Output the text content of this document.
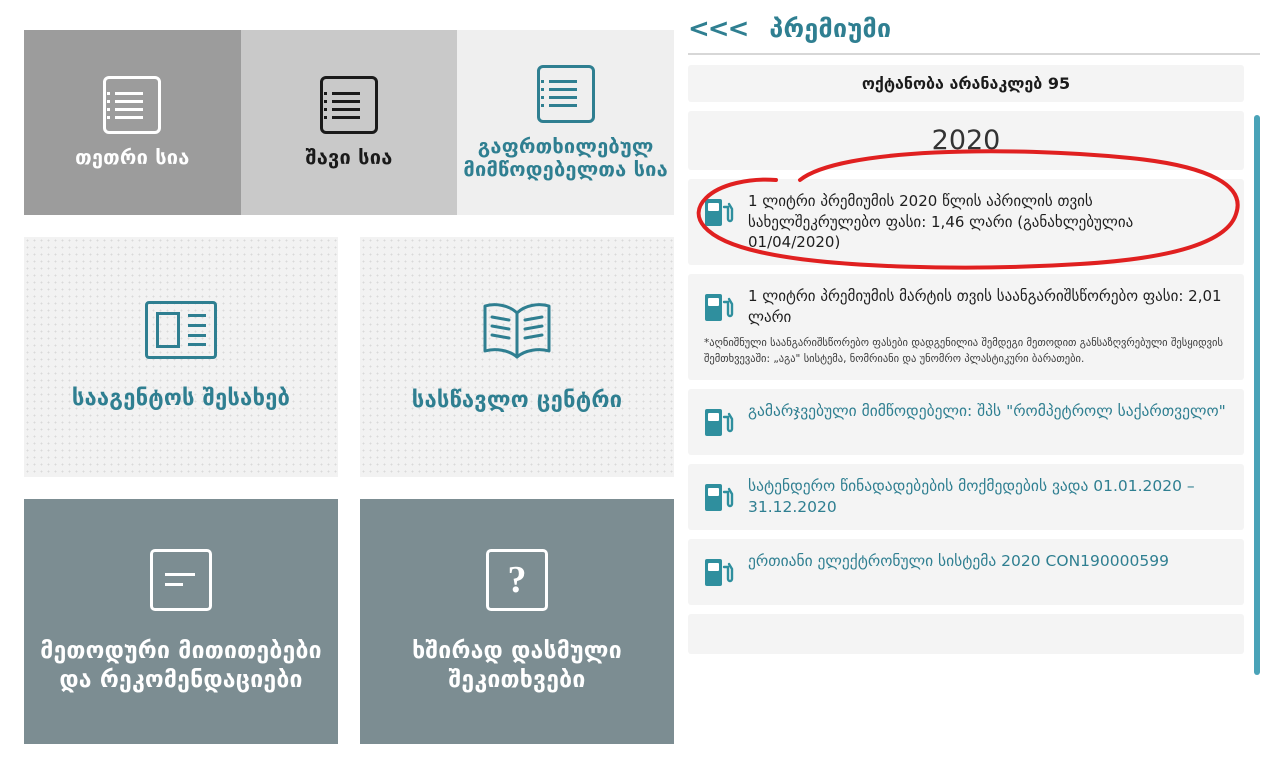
თეთრი სია	შავი სია	გაფრთხილებულ მიმწოდებელთა სია
სააგენტოს შესახებ	სასწავლო ცენტრი
მეთოდური მითითებები და რეკომენდაციები
?
ხშირად დასმული შეკითხვები
<<< პრემიუმი
ოქტანობა არანაკლებ 95
2020
1 ლიტრი პრემიუმის 2020 წლის აპრილის თვის სახელშეკრულებო ფასი: 1,46 ლარი (განახლებულია 01/04/2020)
1 ლიტრი პრემიუმის მარტის თვის საანგარიშსწორებო ფასი: 2,01 ლარი
*აღნიშნული საანგარიშსწორებო ფასები დადგენილია შემდეგი მეთოდით განსაზღვრებული შესყიდვის შემთხვევაში: „აგა" სისტემა, ნომრიანი და უნომრო პლასტიკური ბარათები.
გამარჯვებული მიმწოდებელი: შპს "რომპეტროლ საქართველო"
სატენდერო წინადადებების მოქმედების ვადა 01.01.2020 – 31.12.2020
ერთიანი ელექტრონული სისტემა 2020 CON190000599
